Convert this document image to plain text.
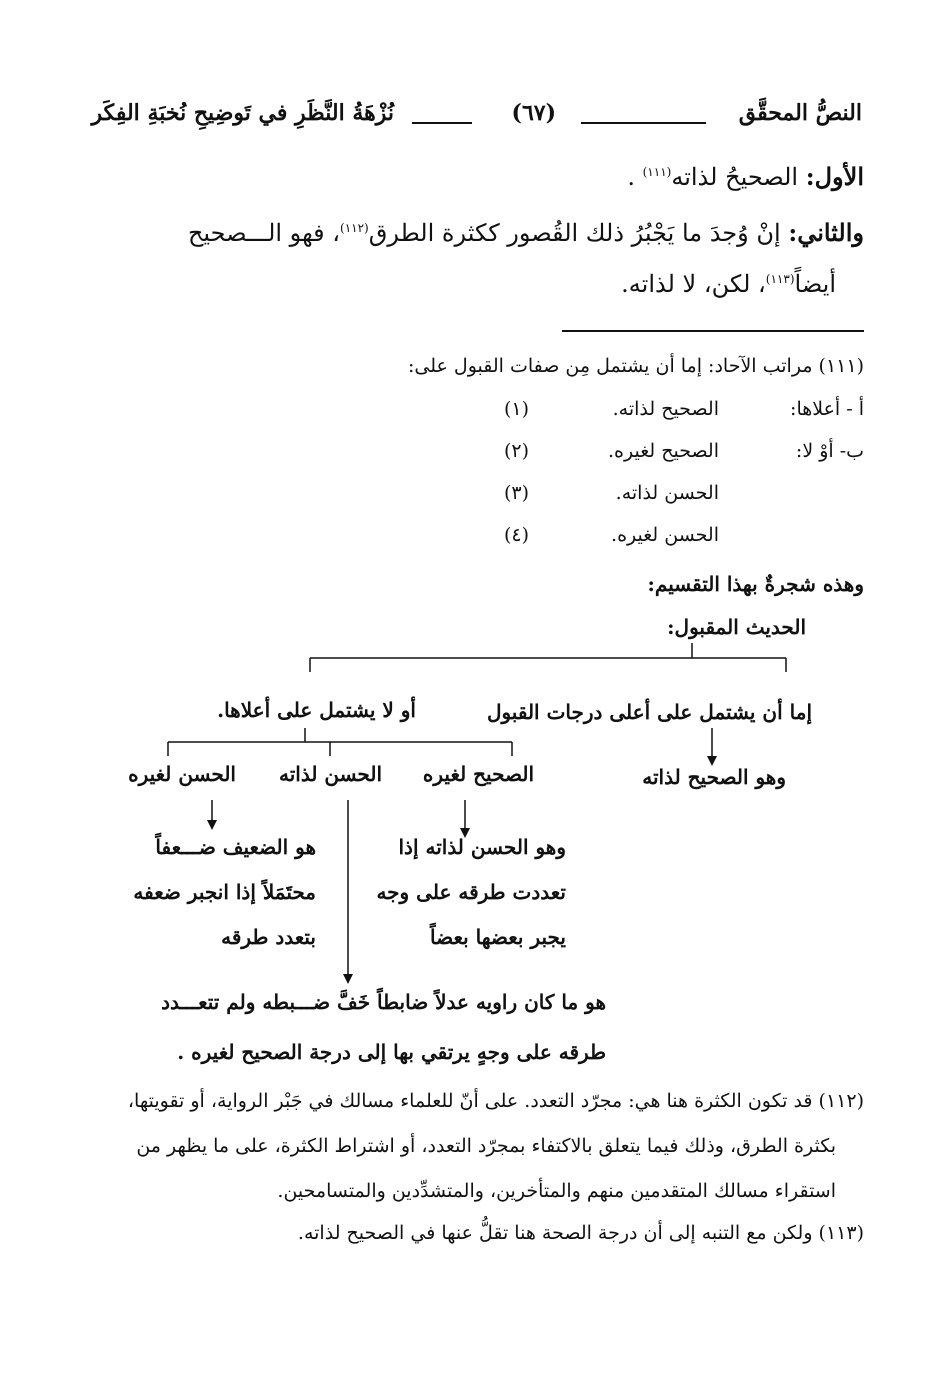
النصُّ المحقَّق
(٦٧)
نُزْهَةُ النَّظَرِ في تَوضِيحِ نُخبَةِ الفِكَر
الأول: الصحيحُ لذاته$^{(١١١)}$ .
والثاني: إنْ وُجدَ ما يَجْبُرُ ذلك القُصور ككثرة الطرق$^{(١١٢)}$، فهو الـــصحيح
أيضاً$^{(١١٣)}$، لكن، لا لذاته.
(١١١) مراتب الآحاد: إما أن يشتمل مِن صفات القبول على:
أ - أعلاها:
الصحيح لذاته.
(١)
ب- أوْ لا:
الصحيح لغيره.
(٢)
الحسن لذاته.
(٣)
الحسن لغيره.
(٤)
وهذه شجرةٌ بهذا التقسيم:
الحديث المقبول:
إما أن يشتمل على أعلى درجات القبول
أو لا يشتمل على أعلاها.
وهو الصحيح لذاته
الصحيح لغيره
الحسن لذاته
الحسن لغيره
وهو الحسن لذاته إذا
تعددت طرقه على وجه
يجبر بعضها بعضاً
هو الضعيف ضـــعفاً
محتَمَلاً إذا انجبر ضعفه
بتعدد طرقه
هو ما كان راويه عدلاً ضابطاً خَفَّ ضـــبطه ولم تتعـــدد
طرقه على وجهٍ يرتقي بها إلى درجة الصحيح لغيره .
(١١٢) قد تكون الكثرة هنا هي: مجرّد التعدد. على أنّ للعلماء مسالك في جَبْر الرواية، أو تقويتها،
بكثرة الطرق، وذلك فيما يتعلق بالاكتفاء بمجرّد التعدد، أو اشتراط الكثرة، على ما يظهر من
استقراء مسالك المتقدمين منهم والمتأخرين، والمتشدِّدين والمتسامحين.
(١١٣) ولكن مع التنبه إلى أن درجة الصحة هنا تقلُّ عنها في الصحيح لذاته.
